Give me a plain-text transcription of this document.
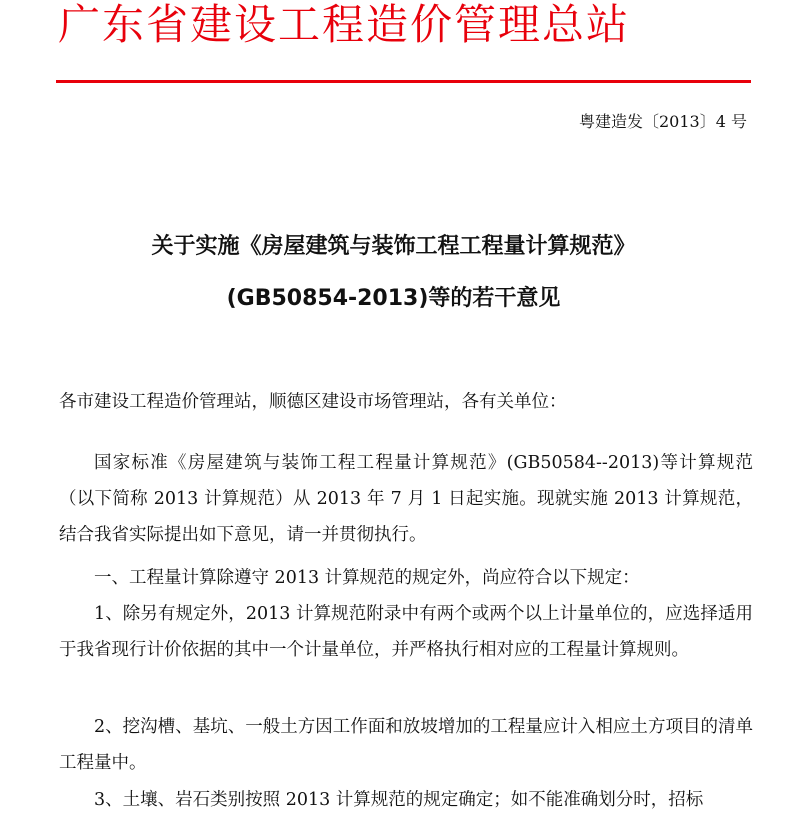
广东省建设工程造价管理总站
粤建造发〔2013〕4 号
关于实施《房屋建筑与装饰工程工程量计算规范》
(GB50854-2013)等的若干意见

各市建设工程造价管理站，顺德区建设市场管理站，各有关单位：

国家标准《房屋建筑与装饰工程工程量计算规范》(GB50584--2013)等计算规范（以下简称 2013 计算规范）从 2013 年 7 月 1 日起实施。现就实施 2013 计算规范，结合我省实际提出如下意见，请一并贯彻执行。

一、工程量计算除遵守 2013 计算规范的规定外，尚应符合以下规定：

1、除另有规定外，2013 计算规范附录中有两个或两个以上计量单位的，应选择适用于我省现行计价依据的其中一个计量单位，并严格执行相对应的工程量计算规则。

2、挖沟槽、基坑、一般土方因工作面和放坡增加的工程量应计入相应土方项目的清单工程量中。

3、土壤、岩石类别按照 2013 计算规范的规定确定；如不能准确划分时，招标
